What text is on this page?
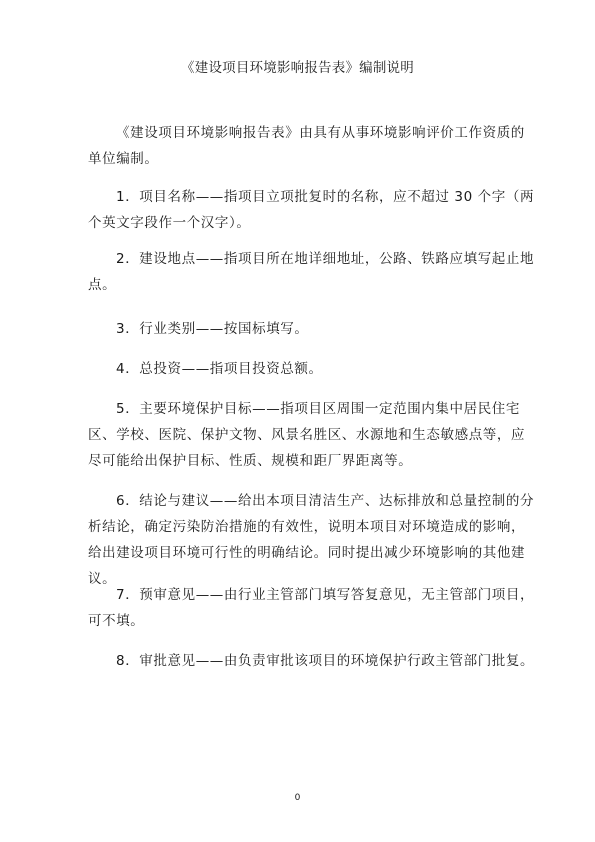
《建设项目环境影响报告表》编制说明

《建设项目环境影响报告表》由具有从事环境影响评价工作资质的单位编制。

1．项目名称——指项目立项批复时的名称，应不超过 30 个字（两个英文字段作一个汉字）。

2．建设地点——指项目所在地详细地址，公路、铁路应填写起止地点。

3．行业类别——按国标填写。

4．总投资——指项目投资总额。

5．主要环境保护目标——指项目区周围一定范围内集中居民住宅区、学校、医院、保护文物、风景名胜区、水源地和生态敏感点等，应尽可能给出保护目标、性质、规模和距厂界距离等。

6．结论与建议——给出本项目清洁生产、达标排放和总量控制的分析结论，确定污染防治措施的有效性，说明本项目对环境造成的影响，给出建设项目环境可行性的明确结论。同时提出减少环境影响的其他建议。

7．预审意见——由行业主管部门填写答复意见，无主管部门项目，可不填。

8．审批意见——由负责审批该项目的环境保护行政主管部门批复。

0
